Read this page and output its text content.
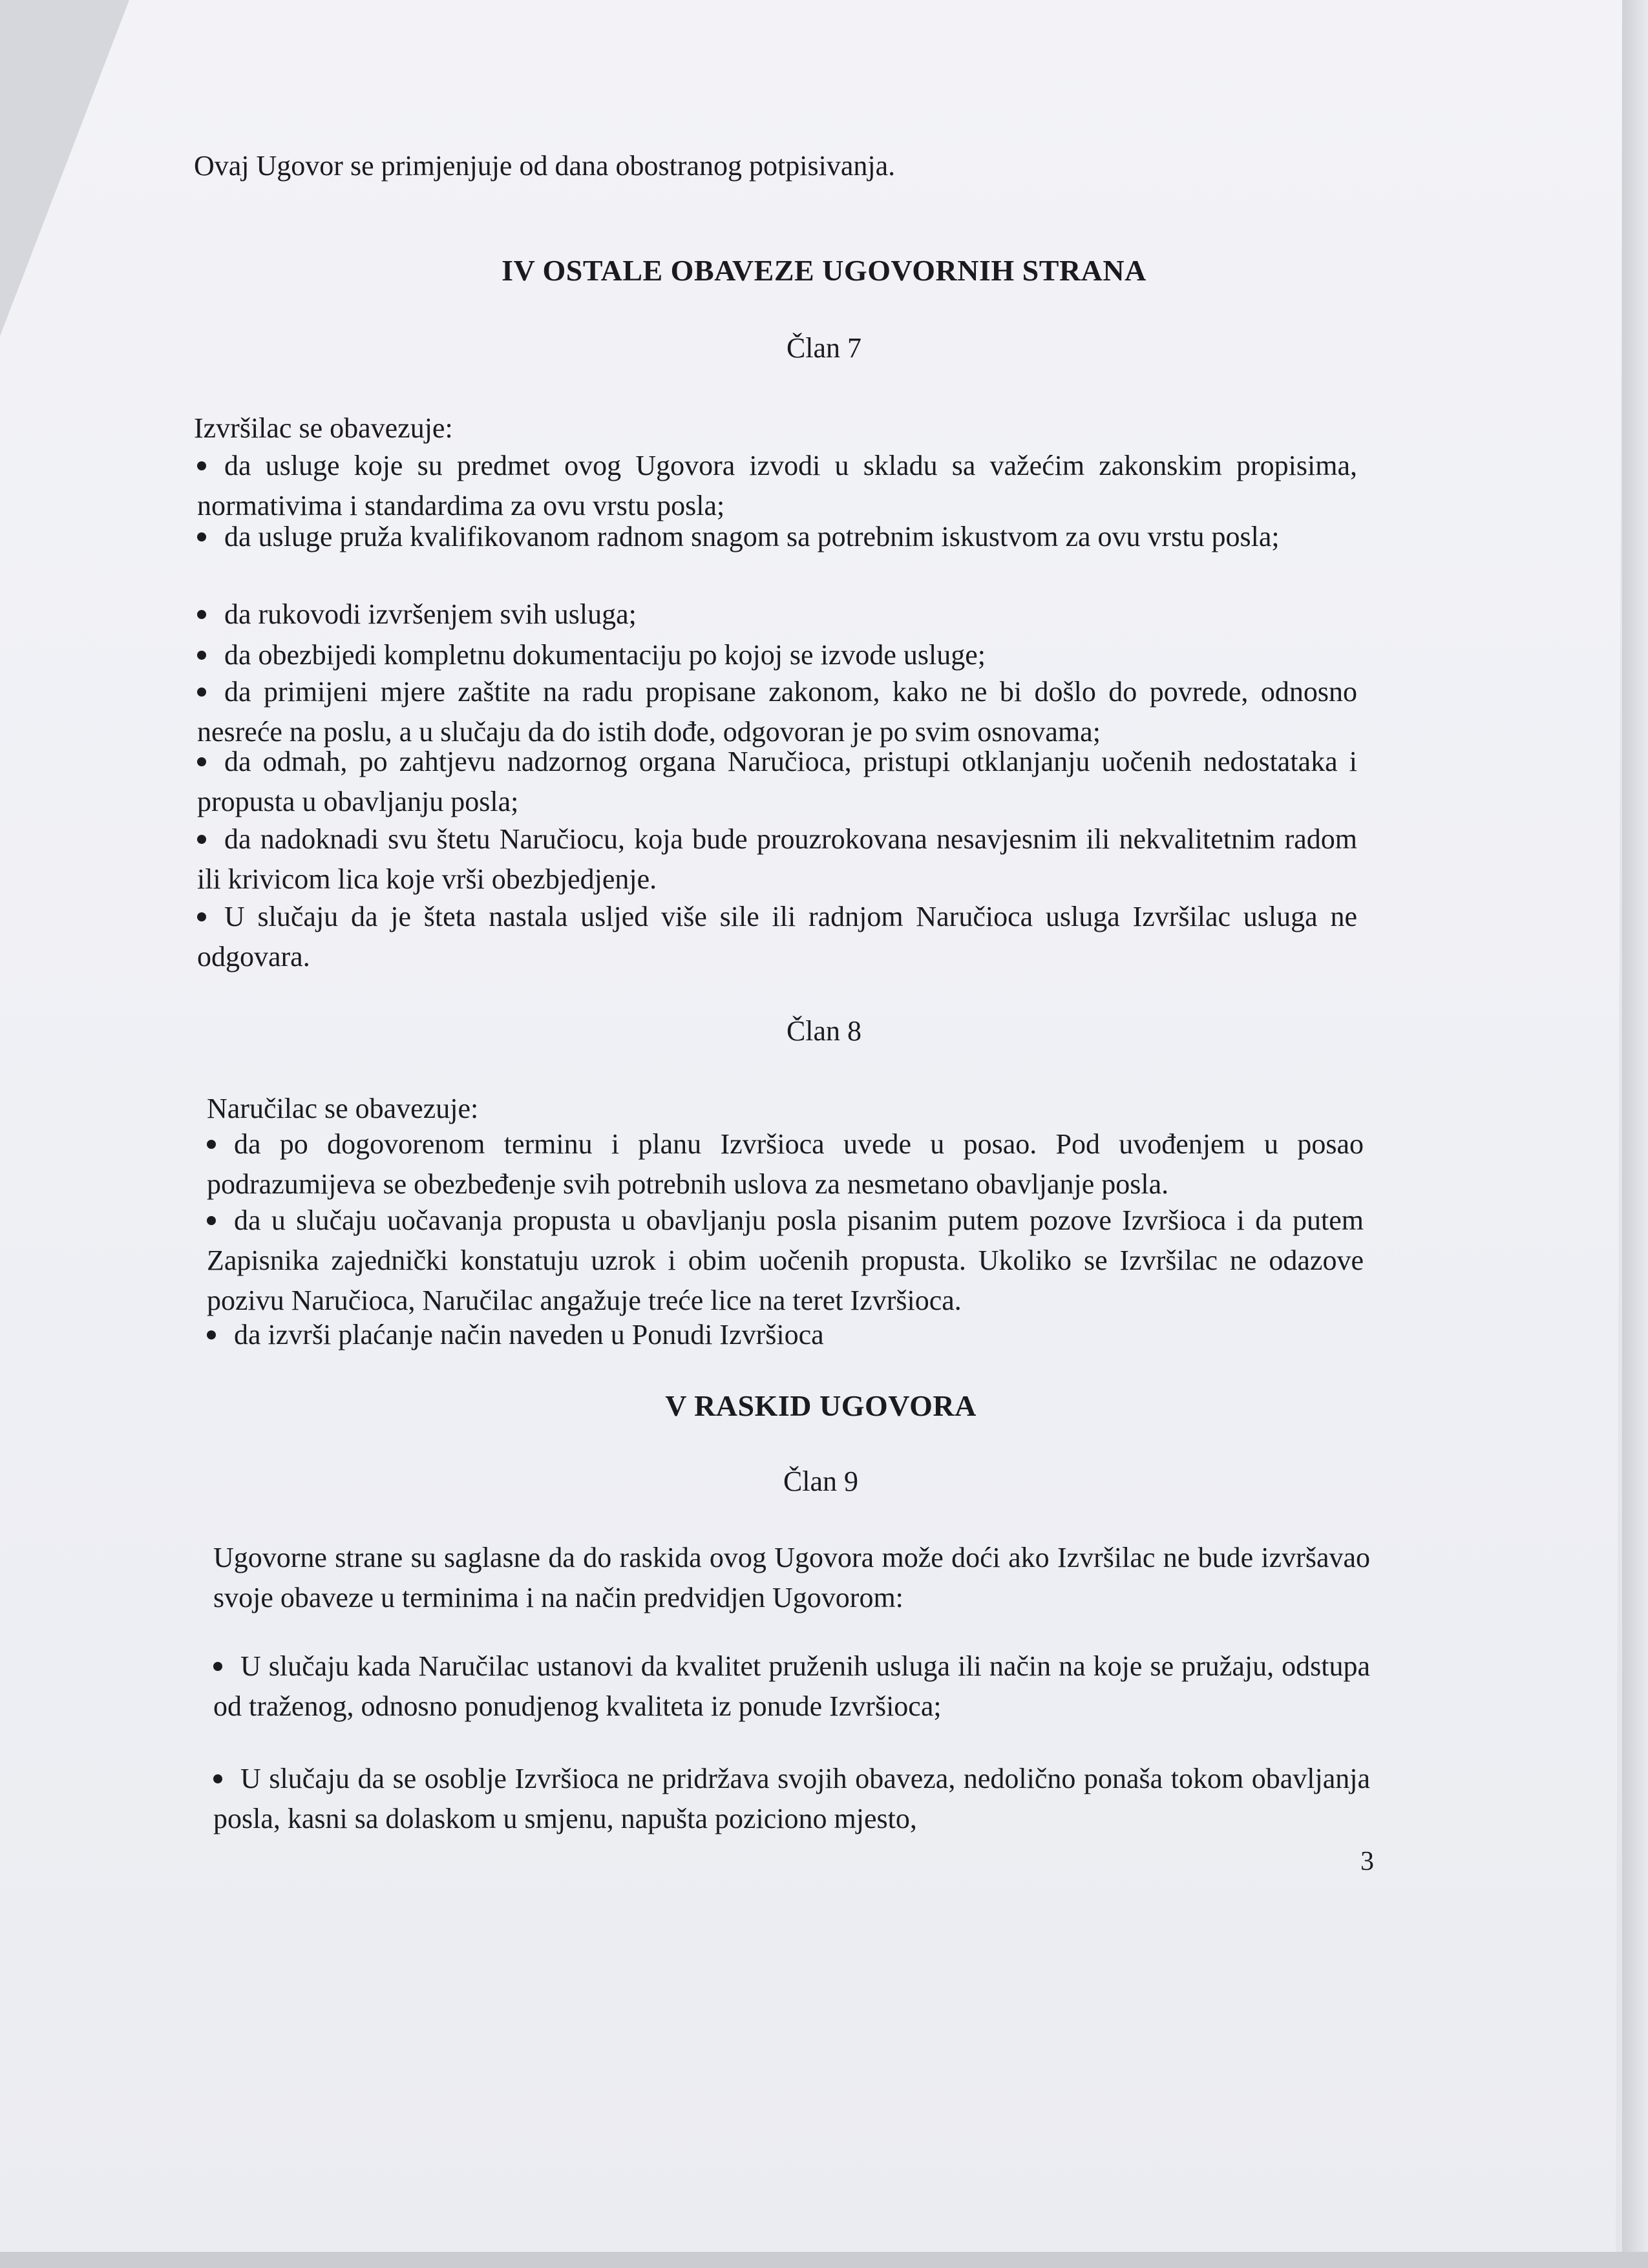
Ovaj Ugovor se primjenjuje od dana obostranog potpisivanja.

IV OSTALE OBAVEZE UGOVORNIH STRANA

Član 7

Izvršilac se obavezuje:

da usluge koje su predmet ovog Ugovora izvodi u skladu sa važećim zakonskim propisima, normativima i standardima za ovu vrstu posla;

da usluge pruža kvalifikovanom radnom snagom sa potrebnim iskustvom za ovu vrstu posla;

da rukovodi izvršenjem svih usluga;

da obezbijedi kompletnu dokumentaciju po kojoj se izvode usluge;

da primijeni mjere zaštite na radu propisane zakonom, kako ne bi došlo do povrede, odnosno nesreće na poslu, a u slučaju da do istih dođe, odgovoran je po svim osnovama;

da odmah, po zahtjevu nadzornog organa Naručioca, pristupi otklanjanju uočenih nedostataka i propusta u obavljanju posla;

da nadoknadi svu štetu Naručiocu, koja bude prouzrokovana nesavjesnim ili nekvalitetnim radom ili krivicom lica koje vrši obezbjedjenje.

U slučaju da je šteta nastala usljed više sile ili radnjom Naručioca usluga Izvršilac usluga ne odgovara.

Član 8

Naručilac se obavezuje:

da po dogovorenom terminu i planu Izvršioca uvede u posao. Pod uvođenjem u posao podrazumijeva se obezbeđenje svih potrebnih uslova za nesmetano obavljanje posla.

da u slučaju uočavanja propusta u obavljanju posla pisanim putem pozove Izvršioca i da putem Zapisnika zajednički konstatuju uzrok i obim uočenih propusta. Ukoliko se Izvršilac ne odazove pozivu Naručioca, Naručilac angažuje treće lice na teret Izvršioca.

da izvrši plaćanje način naveden u Ponudi Izvršioca

V RASKID UGOVORA

Član 9

Ugovorne strane su saglasne da do raskida ovog Ugovora može doći ako Izvršilac ne bude izvršavao svoje obaveze u terminima i na način predvidjen Ugovorom:

U slučaju kada Naručilac ustanovi da kvalitet pruženih usluga ili način na koje se pružaju, odstupa od traženog, odnosno ponudjenog kvaliteta iz ponude Izvršioca;

U slučaju da se osoblje Izvršioca ne pridržava svojih obaveza, nedolično ponaša tokom obavljanja posla, kasni sa dolaskom u smjenu, napušta poziciono mjesto,

3
